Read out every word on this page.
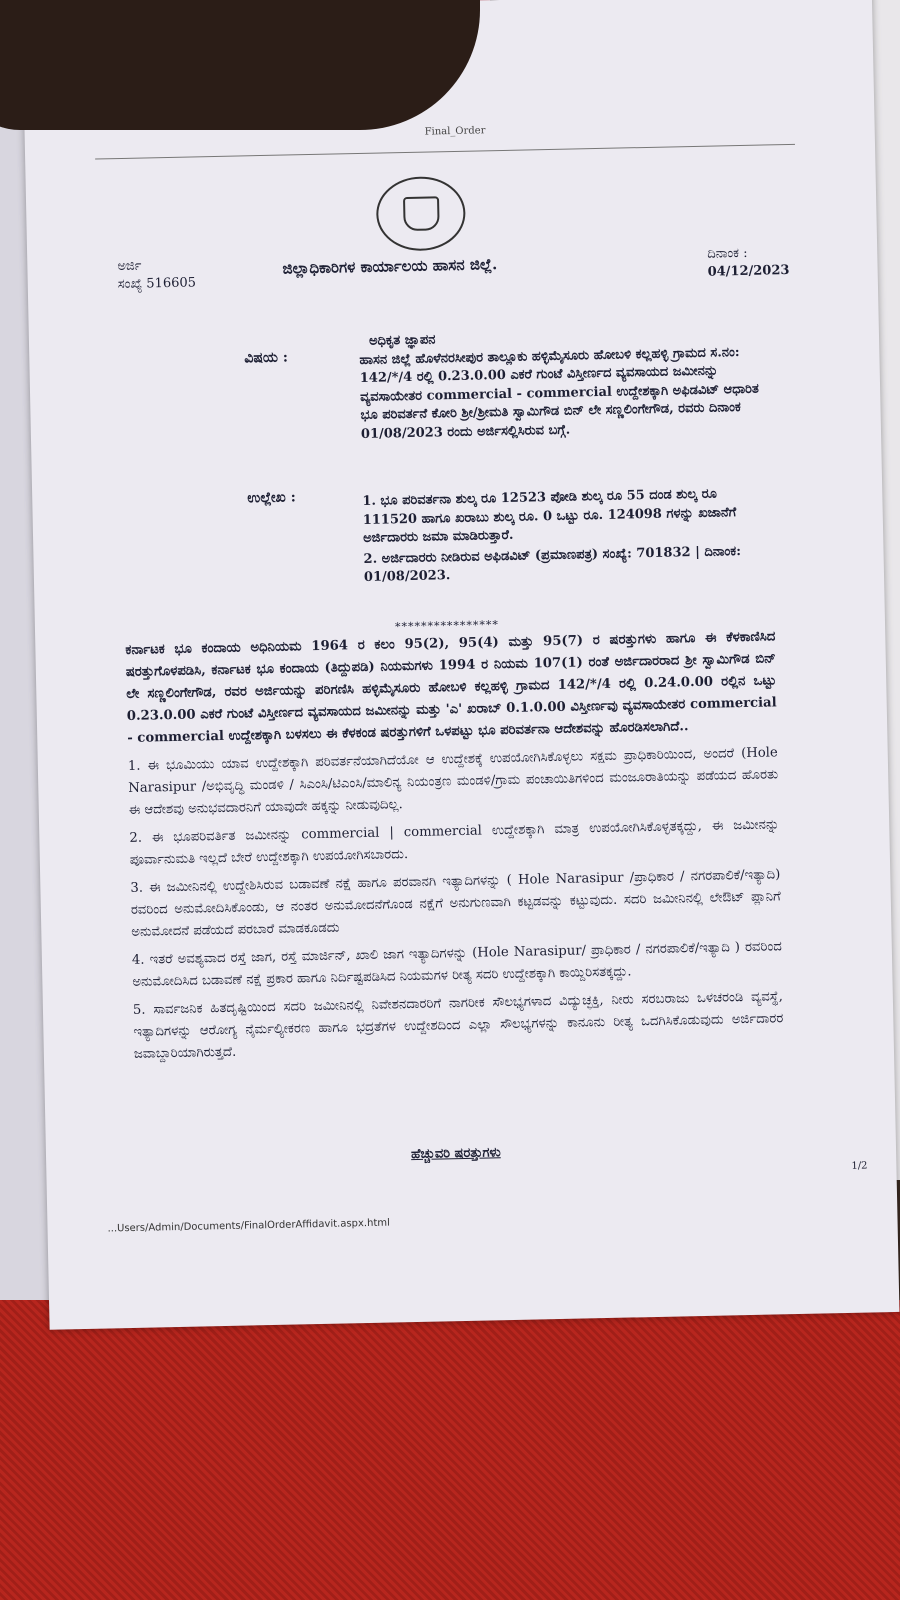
Final_Order
ಅರ್ಜಿ
ಸಂಖ್ಯೆ 516605
ಜಿಲ್ಲಾಧಿಕಾರಿಗಳ ಕಾರ್ಯಾಲಯ ಹಾಸನ ಜಿಲ್ಲೆ.
ದಿನಾಂಕ :
04/12/2023
ವಿಷಯ :
ಅಧಿಕೃತ ಜ್ಞಾಪನ
ಹಾಸನ ಜಿಲ್ಲೆ ಹೊಳೆನರಸೀಪುರ ತಾಲ್ಲೂಕು ಹಳ್ಳಿಮೈಸೂರು ಹೋಬಳಿ ಕಲ್ಲಹಳ್ಳಿ ಗ್ರಾಮದ ಸ.ನಂ: 142/*/4 ರಲ್ಲಿ 0.23.0.00 ಎಕರೆ ಗುಂಟೆ ವಿಸ್ತೀರ್ಣದ ವ್ಯವಸಾಯದ ಜಮೀನನ್ನು ವ್ಯವಸಾಯೇತರ commercial - commercial ಉದ್ದೇಶಕ್ಕಾಗಿ ಅಫಿಡವಿಟ್ ಆಧಾರಿತ ಭೂ ಪರಿವರ್ತನೆ ಕೋರಿ ಶ್ರೀ/ಶ್ರೀಮತಿ ಸ್ವಾಮಿಗೌಡ ಬಿನ್ ಲೇ ಸಣ್ಣಲಿಂಗೇಗೌಡ, ರವರು ದಿನಾಂಕ 01/08/2023 ರಂದು ಅರ್ಜಿಸಲ್ಲಿಸಿರುವ ಬಗ್ಗೆ.
ಉಲ್ಲೇಖ :	1. ಭೂ ಪರಿವರ್ತನಾ ಶುಲ್ಕ ರೂ 12523 ಪೋಡಿ ಶುಲ್ಕ ರೂ 55 ದಂಡ ಶುಲ್ಕ ರೂ 111520 ಹಾಗೂ ಖರಾಬು ಶುಲ್ಕ ರೂ. 0 ಒಟ್ಟು ರೂ. 124098 ಗಳನ್ನು ಖಜಾನೆಗೆ ಅರ್ಜಿದಾರರು ಜಮಾ ಮಾಡಿರುತ್ತಾರೆ.

2. ಅರ್ಜಿದಾರರು ನೀಡಿರುವ ಅಫಿಡವಿಟ್ (ಪ್ರಮಾಣಪತ್ರ) ಸಂಖ್ಯೆ: 701832 | ದಿನಾಂಕ: 01/08/2023.

****************

ಕರ್ನಾಟಕ ಭೂ ಕಂದಾಯ ಅಧಿನಿಯಮ 1964 ರ ಕಲಂ 95(2), 95(4) ಮತ್ತು 95(7) ರ ಷರತ್ತುಗಳು ಹಾಗೂ ಈ ಕೆಳಕಾಣಿಸಿದ ಷರತ್ತುಗೊಳಪಡಿಸಿ, ಕರ್ನಾಟಕ ಭೂ ಕಂದಾಯ (ತಿದ್ದುಪಡಿ) ನಿಯಮಗಳು 1994 ರ ನಿಯಮ 107(1) ರಂತೆ ಅರ್ಜಿದಾರರಾದ ಶ್ರೀ ಸ್ವಾಮಿಗೌಡ ಬಿನ್ ಲೇ ಸಣ್ಣಲಿಂಗೇಗೌಡ, ರವರ ಅರ್ಜಿಯನ್ನು ಪರಿಗಣಿಸಿ ಹಳ್ಳಿಮೈಸೂರು ಹೋಬಳಿ ಕಲ್ಲಹಳ್ಳಿ ಗ್ರಾಮದ 142/*/4 ರಲ್ಲಿ 0.24.0.00 ರಲ್ಲಿನ ಒಟ್ಟು 0.23.0.00 ಎಕರೆ ಗುಂಟೆ ವಿಸ್ತೀರ್ಣದ ವ್ಯವಸಾಯದ ಜಮೀನನ್ನು ಮತ್ತು 'ಎ' ಖರಾಬ್ 0.1.0.00 ವಿಸ್ತೀರ್ಣವು ವ್ಯವಸಾಯೇತರ commercial - commercial ಉದ್ದೇಶಕ್ಕಾಗಿ ಬಳಸಲು ಈ ಕೆಳಕಂಡ ಷರತ್ತುಗಳಿಗೆ ಒಳಪಟ್ಟು ಭೂ ಪರಿವರ್ತನಾ ಆದೇಶವನ್ನು ಹೊರಡಿಸಲಾಗಿದೆ..

1. ಈ ಭೂಮಿಯು ಯಾವ ಉದ್ದೇಶಕ್ಕಾಗಿ ಪರಿವರ್ತನೆಯಾಗಿದೆಯೋ ಆ ಉದ್ದೇಶಕ್ಕೆ ಉಪಯೋಗಿಸಿಕೊಳ್ಳಲು ಸಕ್ಷಮ ಪ್ರಾಧಿಕಾರಿಯಿಂದ, ಅಂದರೆ (Hole Narasipur /ಅಭಿವೃದ್ಧಿ ಮಂಡಳಿ / ಸಿಎಂಸಿ/ಟಿಎಂಸಿ/ಮಾಲಿನ್ಯ ನಿಯಂತ್ರಣ ಮಂಡಳಿ/ಗ್ರಾಮ ಪಂಚಾಯಿತಿಗಳಿಂದ ಮಂಜೂರಾತಿಯನ್ನು ಪಡೆಯದ ಹೊರತು ಈ ಆದೇಶವು ಅನುಭವದಾರನಿಗೆ ಯಾವುದೇ ಹಕ್ಕನ್ನು ನೀಡುವುದಿಲ್ಲ.

2. ಈ ಭೂಪರಿವರ್ತಿತ ಜಮೀನನ್ನು commercial | commercial ಉದ್ದೇಶಕ್ಕಾಗಿ ಮಾತ್ರ ಉಪಯೋಗಿಸಿಕೊಳ್ಳತಕ್ಕದ್ದು, ಈ ಜಮೀನನ್ನು ಪೂರ್ವಾನುಮತಿ ಇಲ್ಲದೆ ಬೇರೆ ಉದ್ದೇಶಕ್ಕಾಗಿ ಉಪಯೋಗಿಸಬಾರದು.

3. ಈ ಜಮೀನಿನಲ್ಲಿ ಉದ್ದೇಶಿಸಿರುವ ಬಡಾವಣೆ ನಕ್ಷೆ ಹಾಗೂ ಪರವಾನಗಿ ಇತ್ಯಾದಿಗಳನ್ನು ( Hole Narasipur /ಪ್ರಾಧಿಕಾರ / ನಗರಪಾಲಿಕೆ/ಇತ್ಯಾದಿ) ರವರಿಂದ ಅನುಮೋದಿಸಿಕೊಂಡು, ಆ ನಂತರ ಅನುಮೋದನೆಗೊಂಡ ನಕ್ಷೆಗೆ ಅನುಗುಣವಾಗಿ ಕಟ್ಟಡವನ್ನು ಕಟ್ಟುವುದು. ಸದರಿ ಜಮೀನಿನಲ್ಲಿ ಲೇಔಟ್ ಪ್ಲಾನಿಗೆ ಅನುಮೋದನೆ ಪಡೆಯದೆ ಪರಬಾರೆ ಮಾಡಕೂಡದು

4. ಇತರೆ ಅವಶ್ಯವಾದ ರಸ್ತೆ ಜಾಗ, ರಸ್ತೆ ಮಾರ್ಜಿನ್, ಖಾಲಿ ಜಾಗ ಇತ್ಯಾದಿಗಳನ್ನು (Hole Narasipur/ ಪ್ರಾಧಿಕಾರ / ನಗರಪಾಲಿಕೆ/ಇತ್ಯಾದಿ ) ರವರಿಂದ ಅನುಮೋದಿಸಿದ ಬಡಾವಣೆ ನಕ್ಷೆ ಪ್ರಕಾರ ಹಾಗೂ ನಿರ್ದಿಷ್ಟಪಡಿಸಿದ ನಿಯಮಗಳ ರೀತ್ಯ ಸದರಿ ಉದ್ದೇಶಕ್ಕಾಗಿ ಕಾಯ್ದಿರಿಸತಕ್ಕದ್ದು.

5. ಸಾರ್ವಜನಿಕ ಹಿತದೃಷ್ಟಿಯಿಂದ ಸದರಿ ಜಮೀನಿನಲ್ಲಿ ನಿವೇಶನದಾರರಿಗೆ ನಾಗರೀಕ ಸೌಲಭ್ಯಗಳಾದ ವಿದ್ಯುಚ್ಛಕ್ತಿ, ನೀರು ಸರಬರಾಜು ಒಳಚರಂಡಿ ವ್ಯವಸ್ಥೆ, ಇತ್ಯಾದಿಗಳನ್ನು ಆರೋಗ್ಯ ನೈರ್ಮಲ್ಯೀಕರಣ ಹಾಗೂ ಭದ್ರತೆಗಳ ಉದ್ದೇಶದಿಂದ ಎಲ್ಲಾ ಸೌಲಭ್ಯಗಳನ್ನು ಕಾನೂನು ರೀತ್ಯ ಒದಗಿಸಿಕೊಡುವುದು ಅರ್ಜಿದಾರರ ಜವಾಬ್ದಾರಿಯಾಗಿರುತ್ತದೆ.

ಹೆಚ್ಚುವರಿ ಷರತ್ತುಗಳು
1/2
...Users/Admin/Documents/FinalOrderAffidavit.aspx.html
